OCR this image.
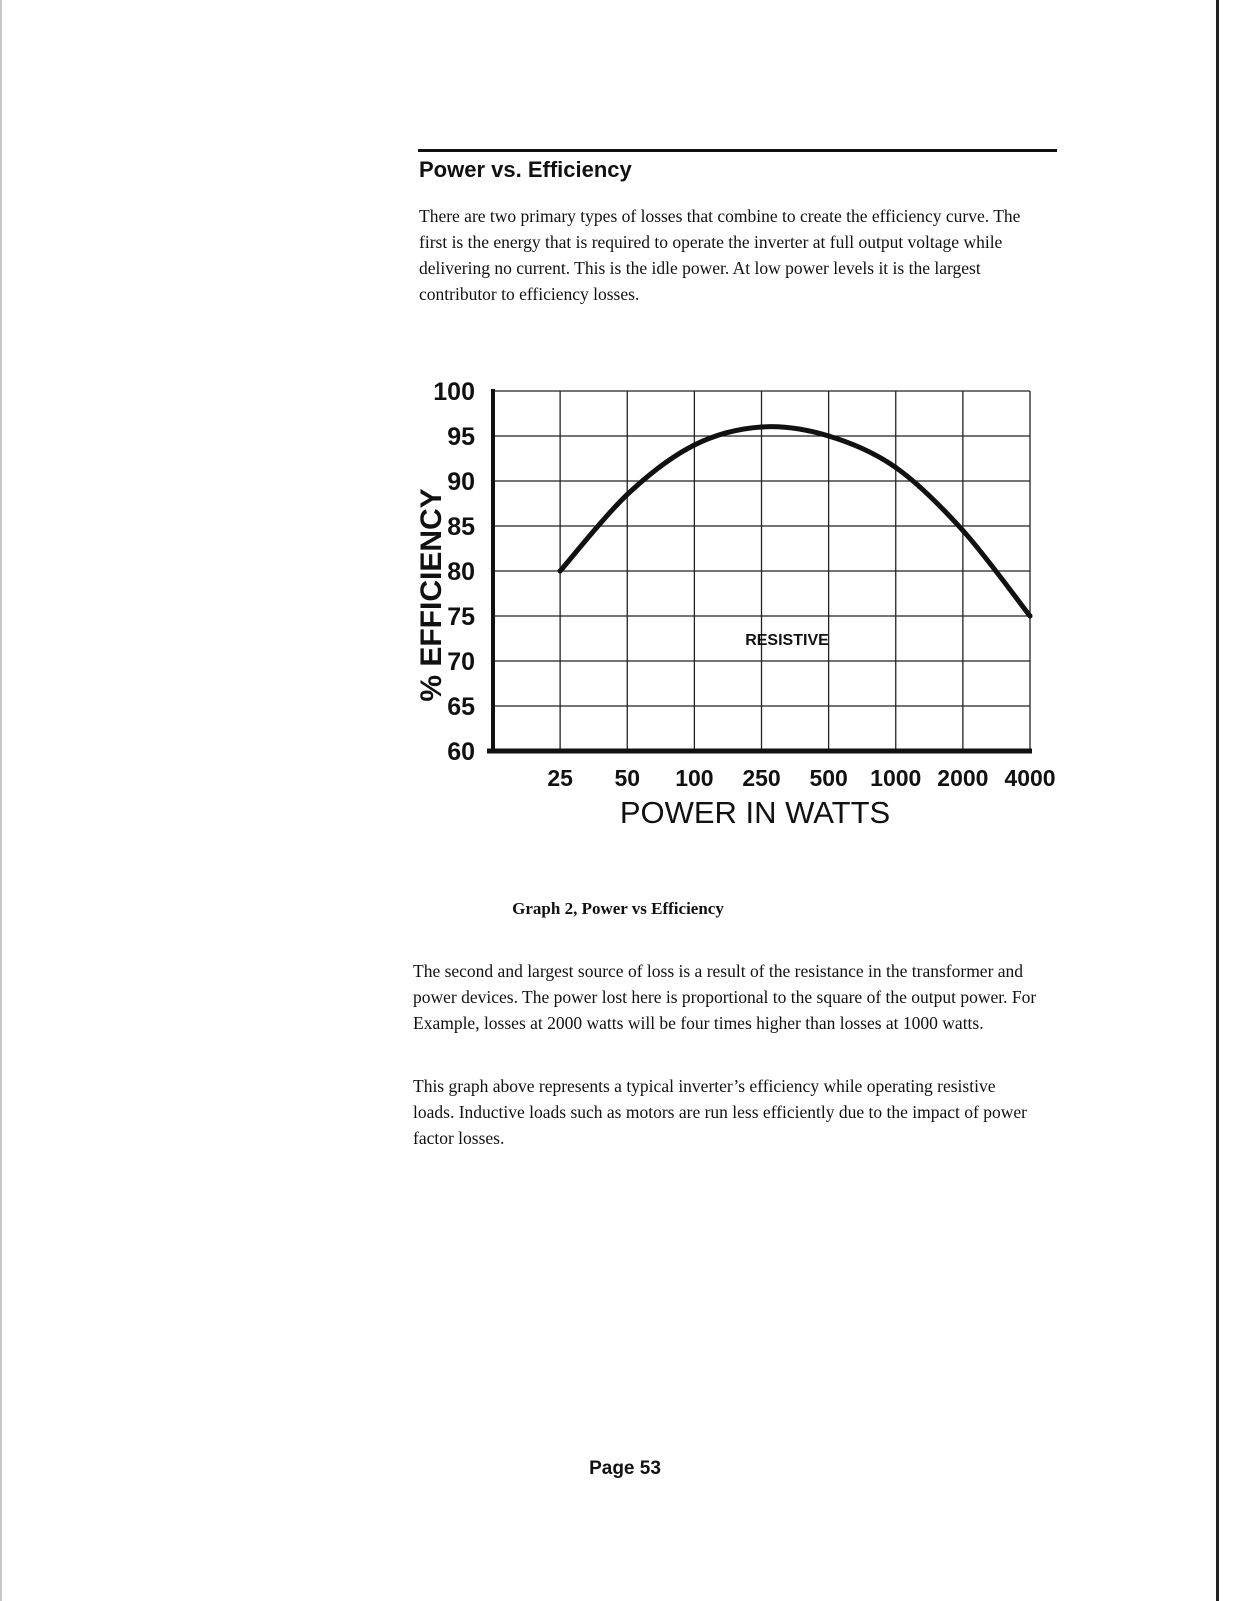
Power vs. Efficiency

There are two primary types of losses that combine to create the efficiency curve. The first is the energy that is required to operate the inverter at full output voltage while delivering no current. This is the idle power. At low power levels it is the largest contributor to efficiency losses.

60
65
70
75
80
85
90
95
100
25 50 100 250 500 1000 2000 4000
RESISTIVE
% EFFICIENCY
POWER IN WATTS

Graph 2, Power vs Efficiency

The second and largest source of loss is a result of the resistance in the transformer and power devices. The power lost here is proportional to the square of the output power. For Example, losses at 2000 watts will be four times higher than losses at 1000 watts.

This graph above represents a typical inverter’s efficiency while operating resistive loads. Inductive loads such as motors are run less efficiently due to the impact of power factor losses.

Page 53
